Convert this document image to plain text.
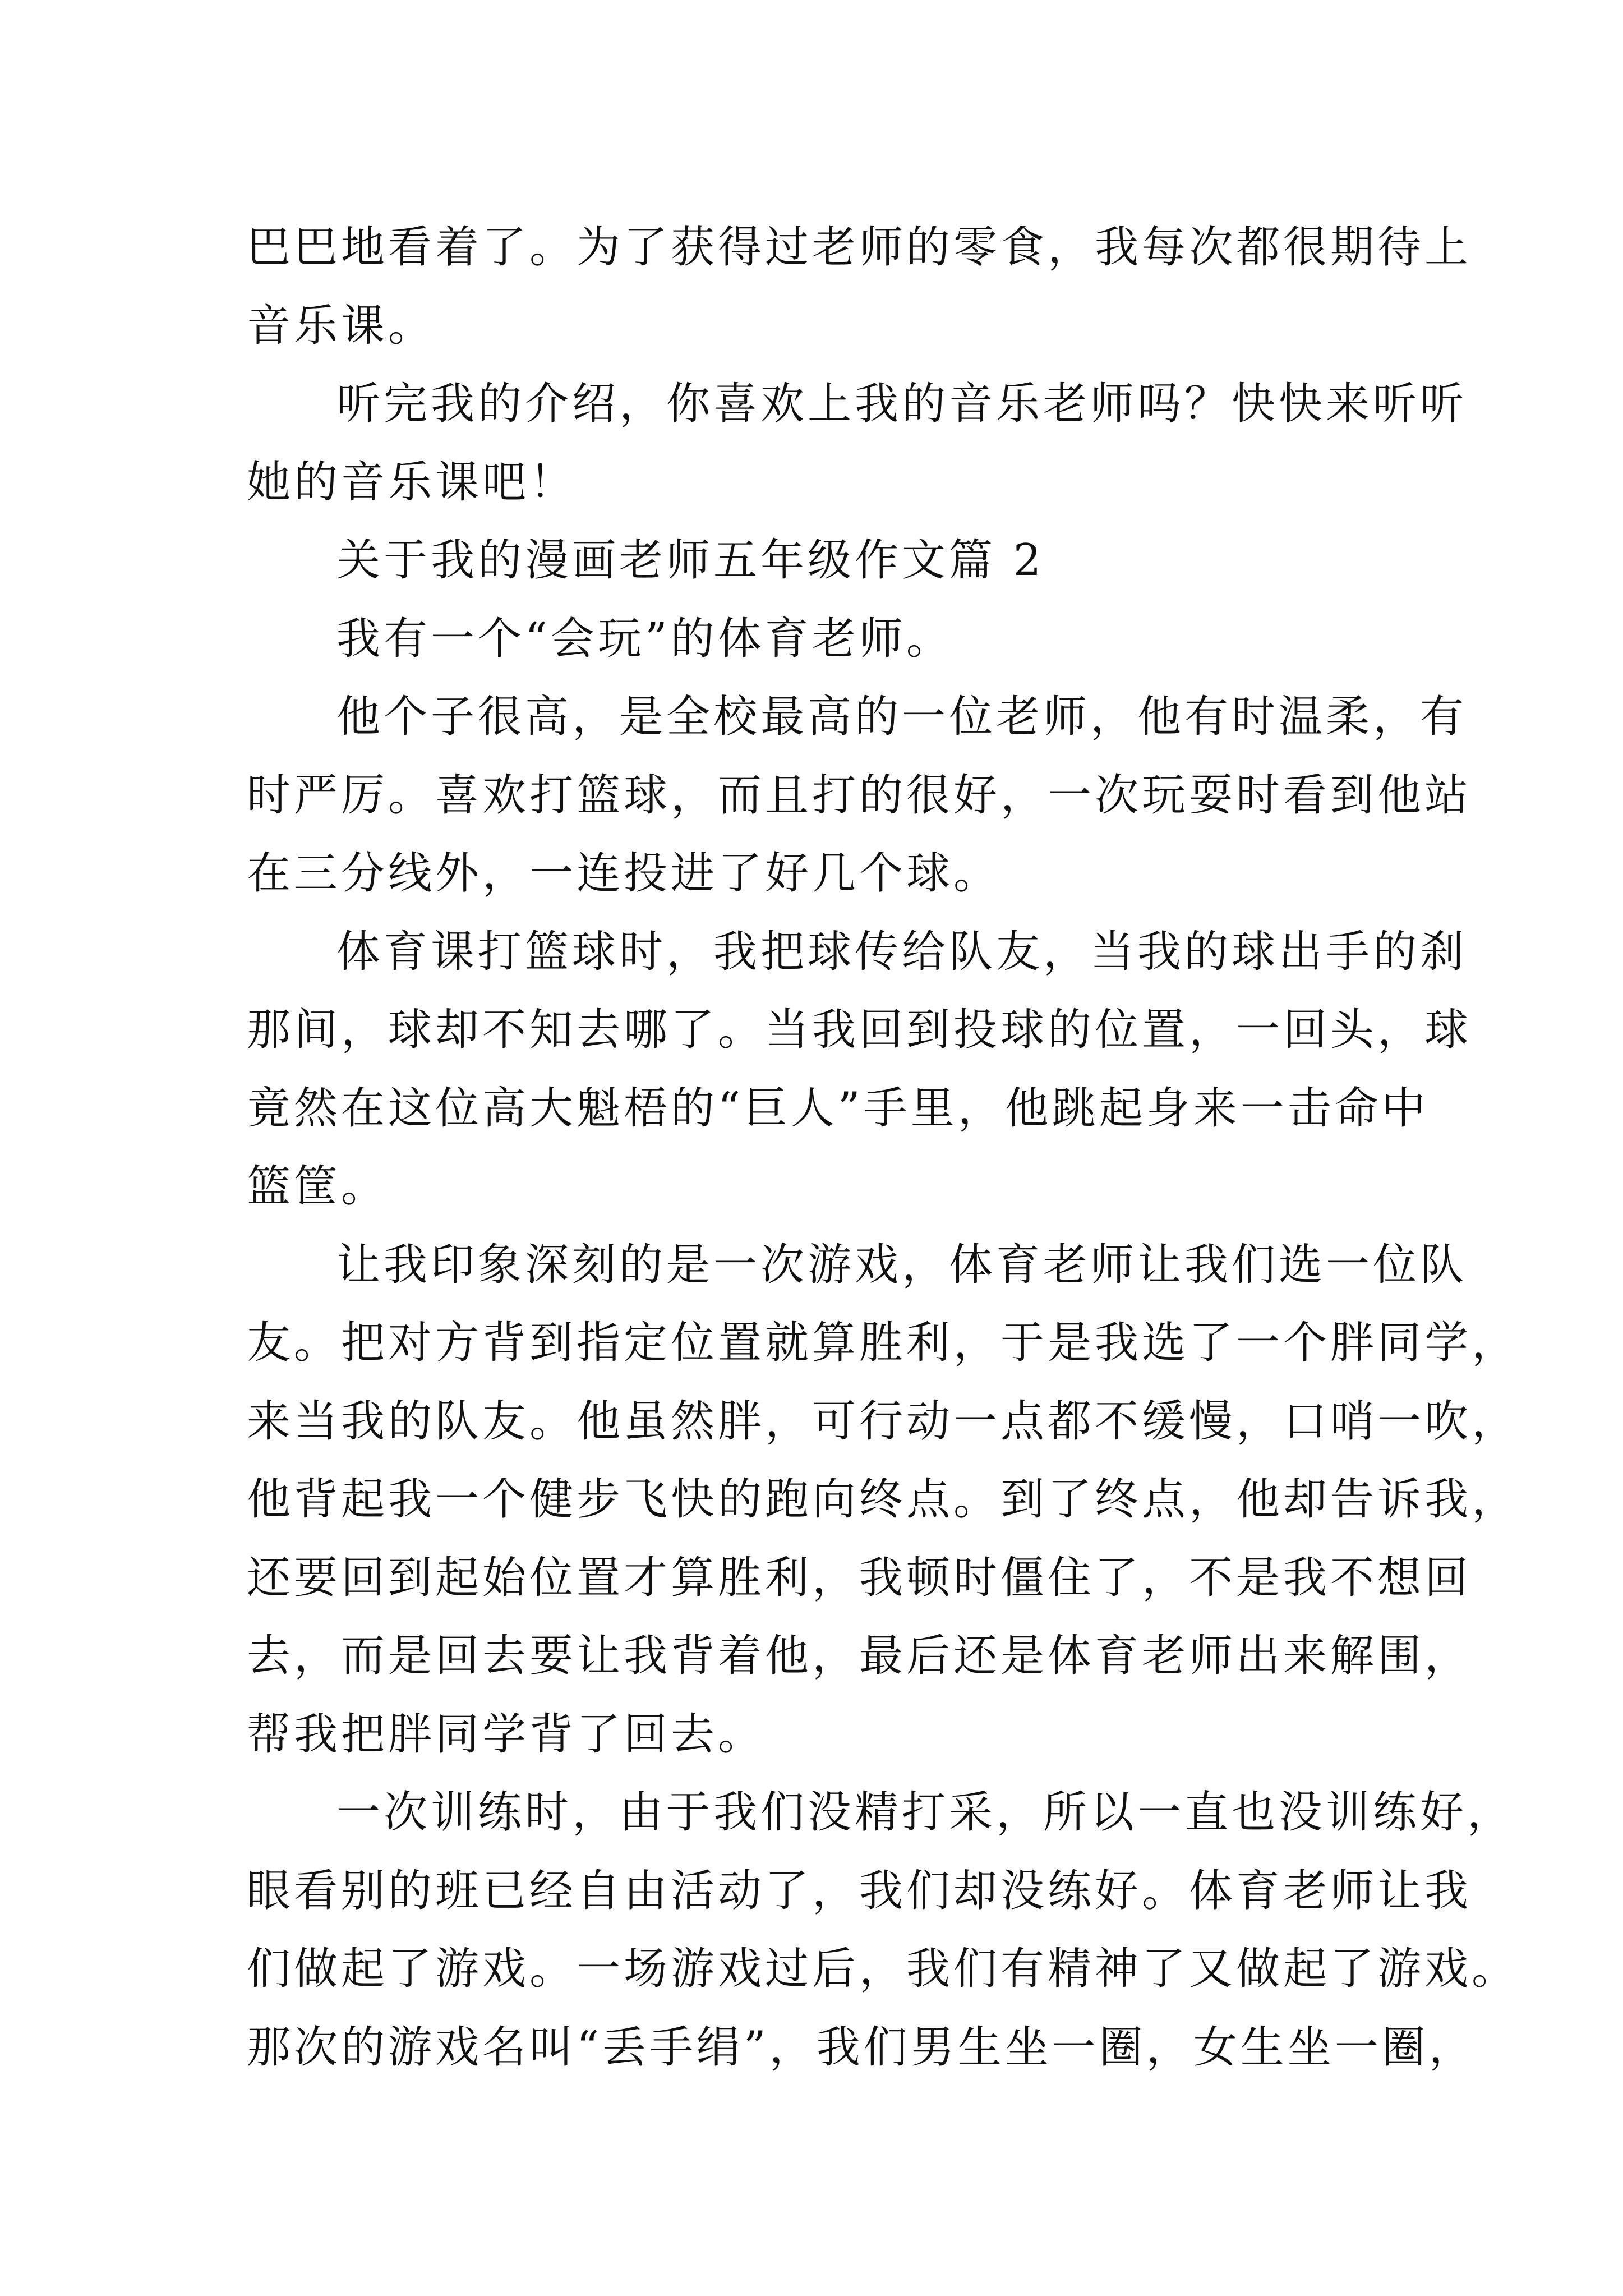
巴巴地看着了。为了获得过老师的零食，我每次都很期待上
音乐课。
听完我的介绍，你喜欢上我的音乐老师吗？快快来听听
她的音乐课吧！
关于我的漫画老师五年级作文篇 2
我有一个“会玩”的体育老师。
他个子很高，是全校最高的一位老师，他有时温柔，有
时严厉。喜欢打篮球，而且打的很好，一次玩耍时看到他站
在三分线外，一连投进了好几个球。
体育课打篮球时，我把球传给队友，当我的球出手的刹
那间，球却不知去哪了。当我回到投球的位置，一回头，球
竟然在这位高大魁梧的“巨人”手里，他跳起身来一击命中
篮筐。
让我印象深刻的是一次游戏，体育老师让我们选一位队
友。把对方背到指定位置就算胜利，于是我选了一个胖同学，
来当我的队友。他虽然胖，可行动一点都不缓慢，口哨一吹，
他背起我一个健步飞快的跑向终点。到了终点，他却告诉我，
还要回到起始位置才算胜利，我顿时僵住了，不是我不想回
去，而是回去要让我背着他，最后还是体育老师出来解围，
帮我把胖同学背了回去。
一次训练时，由于我们没精打采，所以一直也没训练好，
眼看别的班已经自由活动了，我们却没练好。体育老师让我
们做起了游戏。一场游戏过后，我们有精神了又做起了游戏。
那次的游戏名叫“丢手绢”，我们男生坐一圈，女生坐一圈，
